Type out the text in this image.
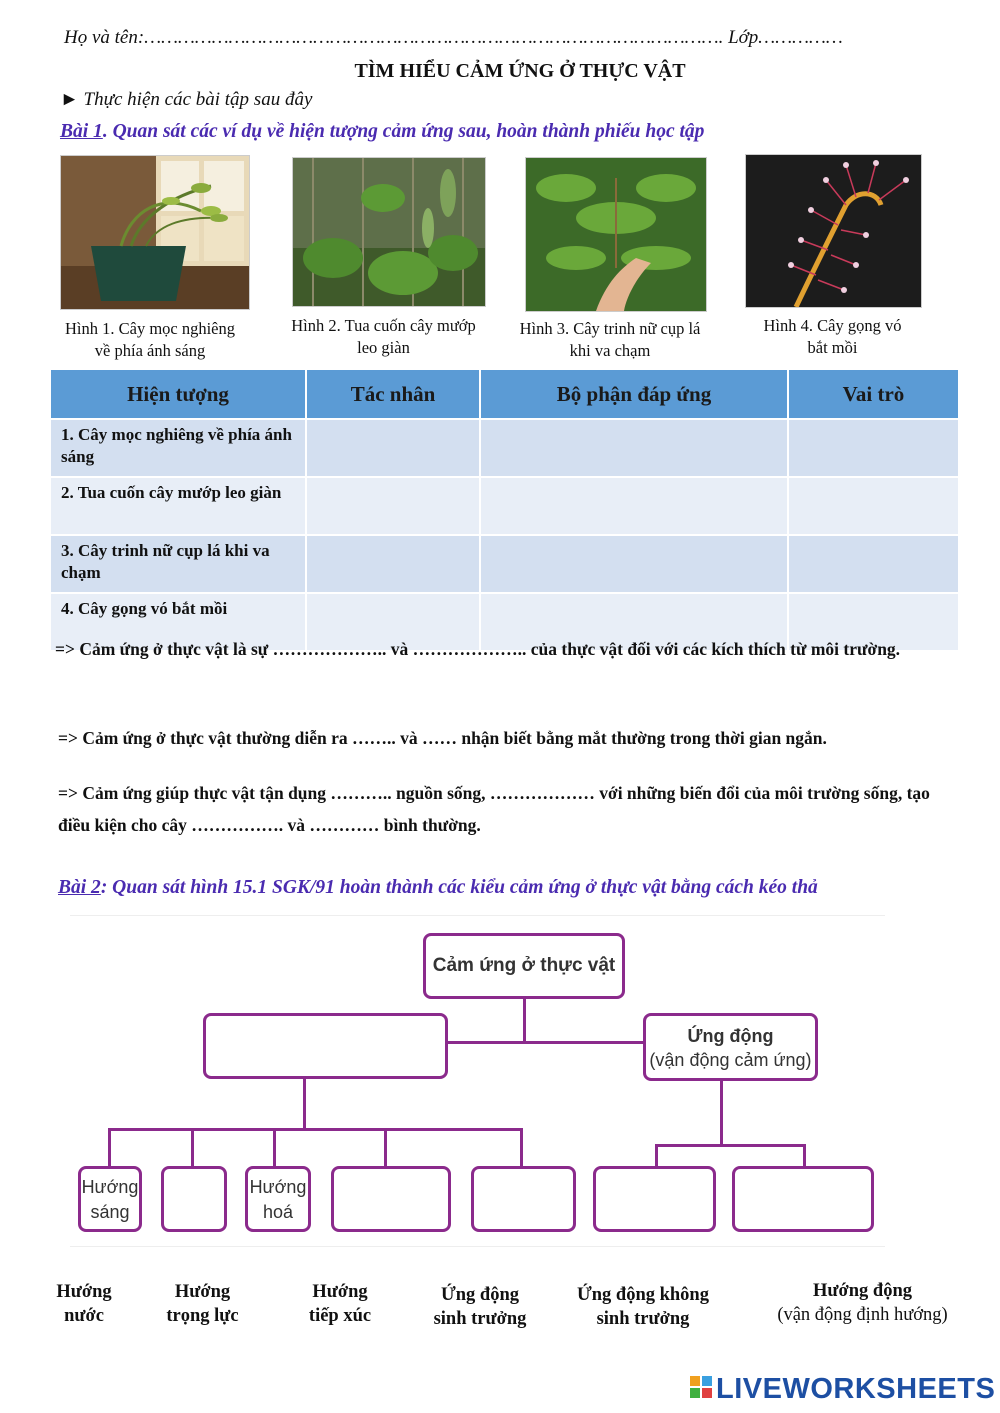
Họ và tên:…………………………………………………………………………………………. Lớp……………
TÌM HIỂU CẢM ỨNG Ở THỰC VẬT
► Thực hiện các bài tập sau đây
Bài 1. Quan sát các ví dụ về hiện tượng cảm ứng sau, hoàn thành phiếu học tập
Hình 1. Cây mọc nghiêng
về phía ánh sáng
Hình 2. Tua cuốn cây mướp
leo giàn
Hình 3. Cây trinh nữ cụp lá
khi va chạm
Hình 4. Cây gọng vó
bắt mồi
Hiện tượng	Tác nhân	Bộ phận đáp ứng	Vai trò
1. Cây mọc nghiêng về phía ánh sáng			
2. Tua cuốn cây mướp leo giàn			
3. Cây trinh nữ cụp lá khi va chạm			
4. Cây gọng vó bắt mồi			
=> Cảm ứng ở thực vật là sự ……………….. và ……………….. của thực vật đối với các kích thích từ môi trường.
=> Cảm ứng ở thực vật thường diễn ra …….. và …… nhận biết bằng mắt thường trong thời gian ngắn.
=> Cảm ứng giúp thực vật tận dụng ……….. nguồn sống, ……………… với những biến đổi của môi trường sống, tạo điều kiện cho cây ……………. và ………… bình thường.
Bài 2: Quan sát hình 15.1 SGK/91 hoàn thành các kiểu cảm ứng ở thực vật bằng cách kéo thả
Cảm ứng ở thực vật
Ứng động
(vận động cảm ứng)
Hướng
sáng
Hướng
hoá
Hướng
nước
Hướng
trọng lực
Hướng
tiếp xúc
Ứng động
sinh trưởng
Ứng động không
sinh trưởng
Hướng động
(vận động định hướng)
LIVEWORKSHEETS
